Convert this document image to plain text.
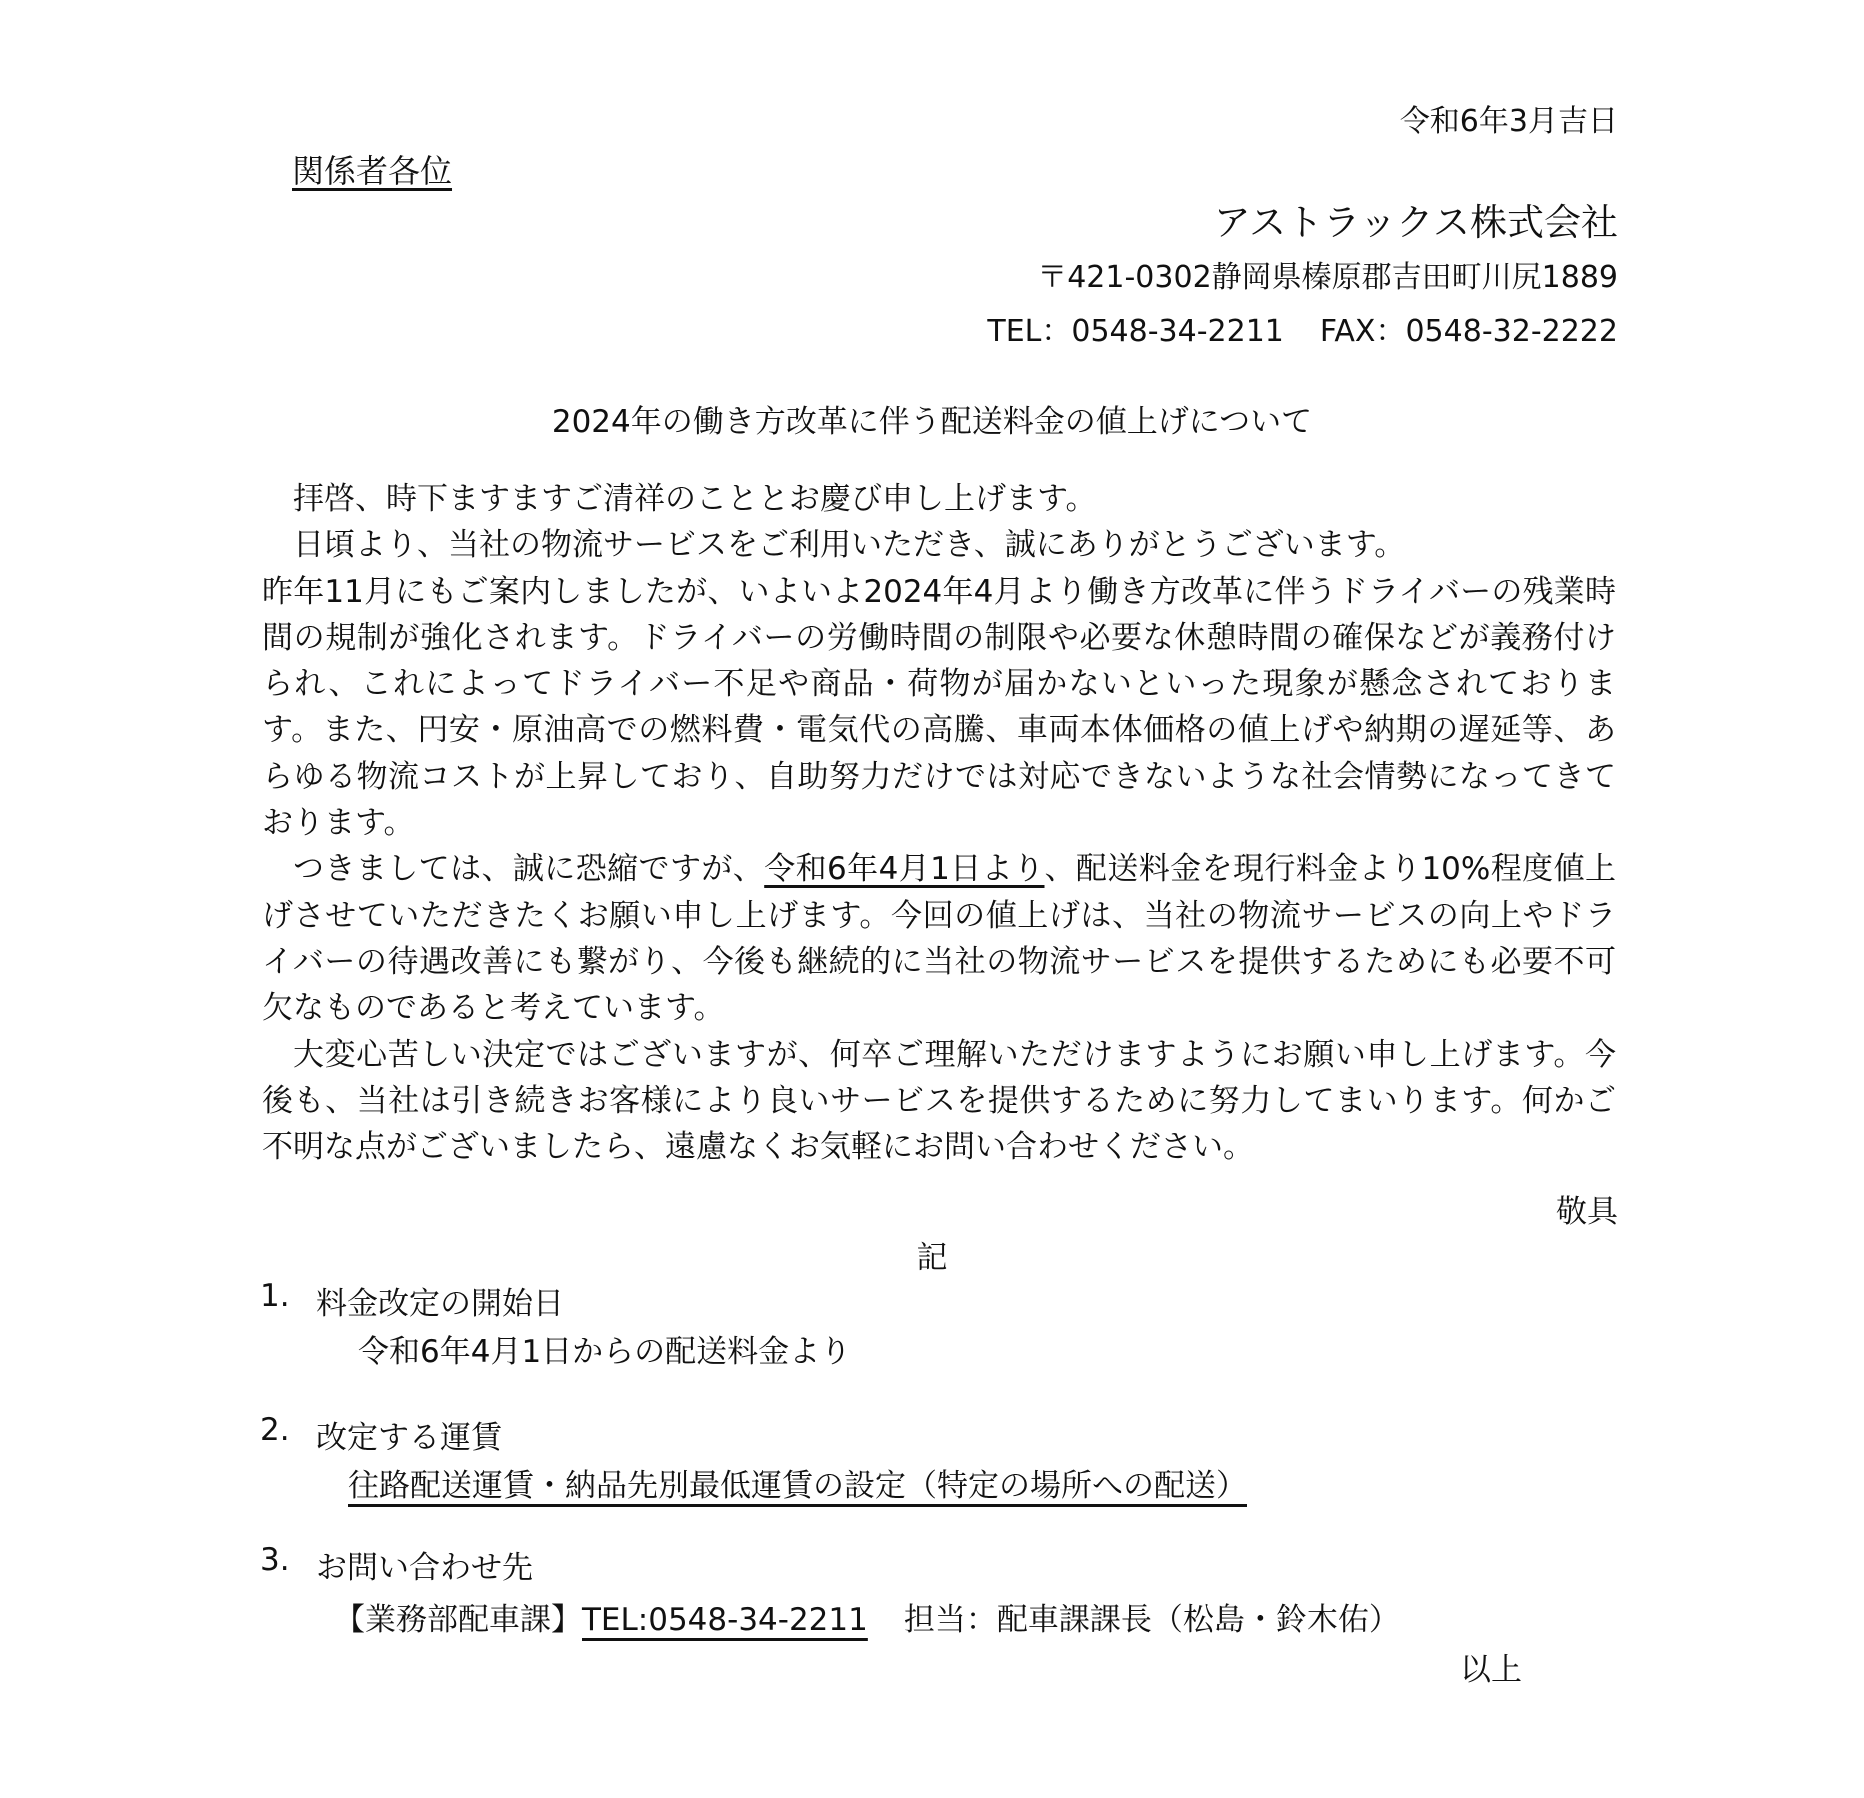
令和6年3月吉日
関係者各位
アストラックス株式会社
〒421-0302静岡県榛原郡吉田町川尻1889
TEL：0548-34-2211 FAX：0548-32-2222
2024年の働き方改革に伴う配送料金の値上げについて

拝啓、時下ますますご清祥のこととお慶び申し上げます。

日頃より、当社の物流サービスをご利用いただき、誠にありがとうございます。

昨年11月にもご案内しましたが、いよいよ2024年4月より働き方改革に伴うドライバーの残業時間の規制が強化されます。ドライバーの労働時間の制限や必要な休憩時間の確保などが義務付けられ、これによってドライバー不足や商品・荷物が届かないといった現象が懸念されております。また、円安・原油高での燃料費・電気代の高騰、車両本体価格の値上げや納期の遅延等、あらゆる物流コストが上昇しており、自助努力だけでは対応できないような社会情勢になってきております。

つきましては、誠に恐縮ですが、令和6年4月1日より、配送料金を現行料金より10%程度値上げさせていただきたくお願い申し上げます。今回の値上げは、当社の物流サービスの向上やドライバーの待遇改善にも繋がり、今後も継続的に当社の物流サービスを提供するためにも必要不可欠なものであると考えています。

大変心苦しい決定ではございますが、何卒ご理解いただけますようにお願い申し上げます。今後も、当社は引き続きお客様により良いサービスを提供するために努力してまいります。何かご不明な点がございましたら、遠慮なくお気軽にお問い合わせください。

敬具
記
1. 料金改定の開始日
令和6年4月1日からの配送料金より
2. 改定する運賃
往路配送運賃・納品先別最低運賃の設定（特定の場所への配送）
3. お問い合わせ先
【業務部配車課】TEL:0548-34-2211 担当：配車課課長（松島・鈴木佑）
以上
